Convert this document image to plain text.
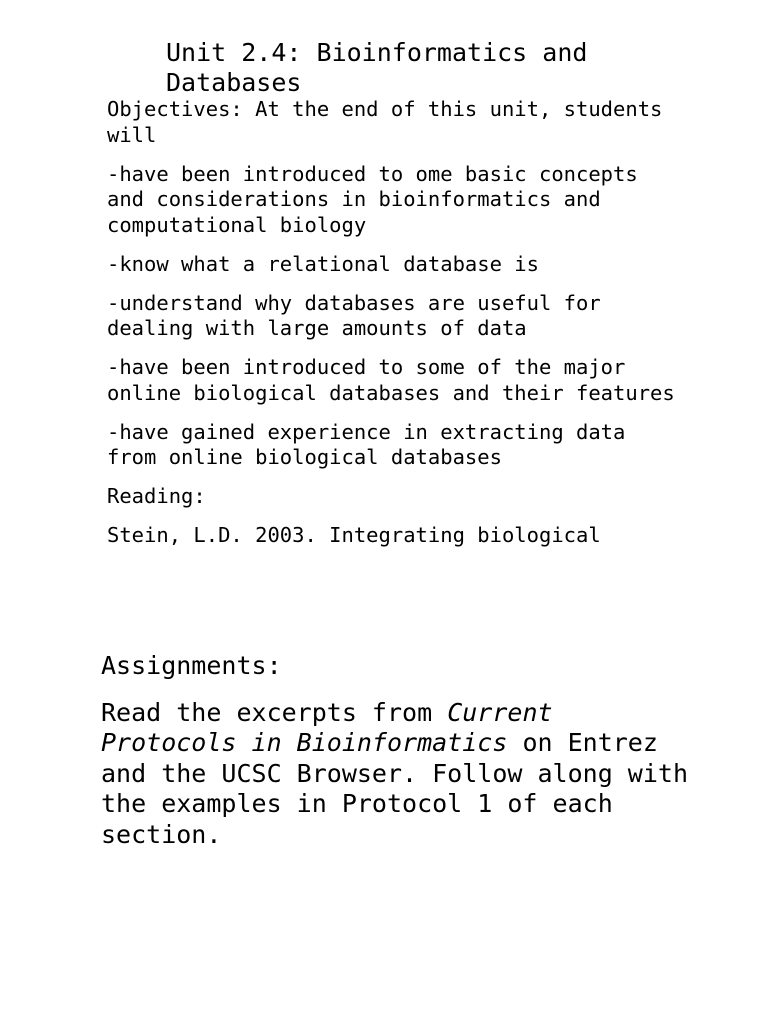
Unit 2.4: Bioinformatics and Databases

Objectives: At the end of this unit, students will

-have been introduced to ome basic concepts and considerations in bioinformatics and computational biology

-know what a relational database is

-understand why databases are useful for dealing with large amounts of data

-have been introduced to some of the major online biological databases and their features

-have gained experience in extracting data from online biological databases

Reading:

Stein, L.D. 2003. Integrating biological

Assignments:

Read the excerpts from Current Protocols in Bioinformatics on Entrez and the UCSC Browser. Follow along with the examples in Protocol 1 of each section.
